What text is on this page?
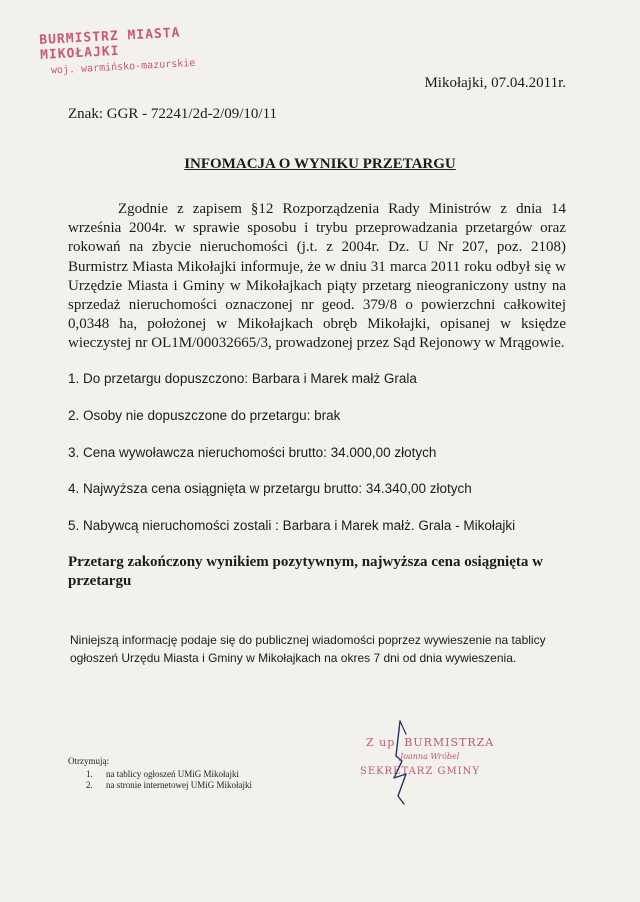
BURMISTRZ MIASTA MIKOŁAJKI
woj. warmińsko-mazurskie
Mikołajki, 07.04.2011r.
Znak: GGR - 72241/2d-2/09/10/11
INFOMACJA O WYNIKU PRZETARGU

Zgodnie z zapisem §12 Rozporządzenia Rady Ministrów z dnia 14 września 2004r. w sprawie sposobu i trybu przeprowadzania przetargów oraz rokowań na zbycie nieruchomości (j.t. z 2004r. Dz. U Nr 207, poz. 2108) Burmistrz Miasta Mikołajki informuje, że w dniu 31 marca 2011 roku odbył się w Urzędzie Miasta i Gminy w Mikołajkach piąty przetarg nieograniczony ustny na sprzedaż nieruchomości oznaczonej nr geod. 379/8 o powierzchni całkowitej 0,0348 ha, położonej w Mikołajkach obręb Mikołajki, opisanej w księdze wieczystej nr OL1M/00032665/3, prowadzonej przez Sąd Rejonowy w Mrągowie.

1. Do przetargu dopuszczono: Barbara i Marek małż Grala
2. Osoby nie dopuszczone do przetargu: brak
3. Cena wywoławcza nieruchomości brutto: 34.000,00 złotych
4. Najwyższa cena osiągnięta w przetargu brutto: 34.340,00 złotych
5. Nabywcą nieruchomości zostali : Barbara i Marek małż. Grala - Mikołajki

Przetarg zakończony wynikiem pozytywnym, najwyższa cena osiągnięta w przetargu

Niniejszą informację podaje się do publicznej wiadomości poprzez wywieszenie na tablicy ogłoszeń Urzędu Miasta i Gminy w Mikołajkach na okres 7 dni od dnia wywieszenia.

Otrzymują:
1. na tablicy ogłoszeń UMiG Mikołajki
2. na stronie internetowej UMiG Mikołajki
Z up. BURMISTRZA
Joanna Wróbel
SEKRETARZ GMINY
